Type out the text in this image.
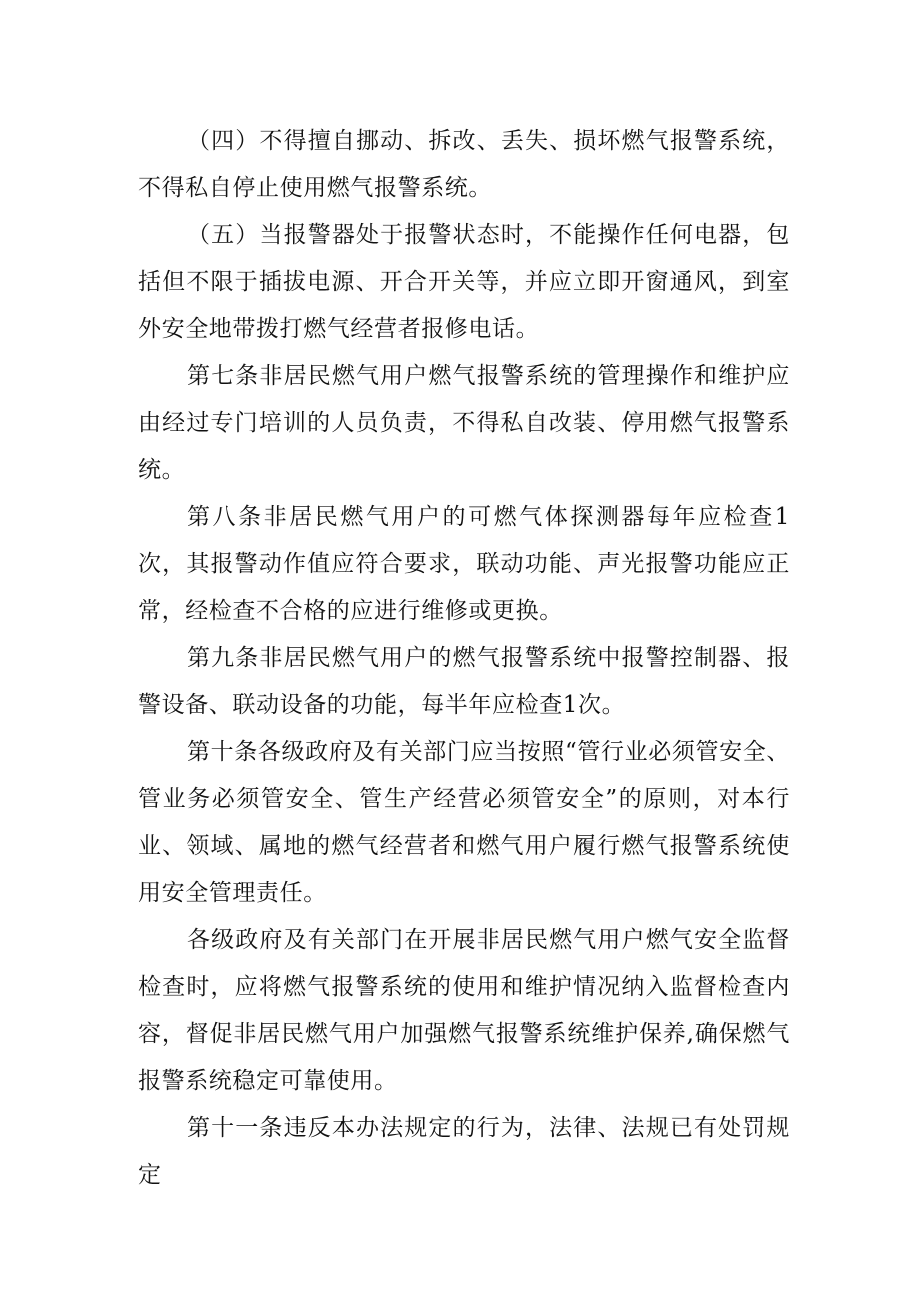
（四）不得擅自挪动、拆改、丢失、损坏燃气报警系统，不得私自停止使用燃气报警系统。

（五）当报警器处于报警状态时，不能操作任何电器，包括但不限于插拔电源、开合开关等，并应立即开窗通风，到室外安全地带拨打燃气经营者报修电话。

第七条非居民燃气用户燃气报警系统的管理操作和维护应由经过专门培训的人员负责，不得私自改装、停用燃气报警系统。

第八条非居民燃气用户的可燃气体探测器每年应检查1次，其报警动作值应符合要求，联动功能、声光报警功能应正常，经检查不合格的应进行维修或更换。

第九条非居民燃气用户的燃气报警系统中报警控制器、报警设备、联动设备的功能，每半年应检查1次。

第十条各级政府及有关部门应当按照“管行业必须管安全、管业务必须管安全、管生产经营必须管安全”的原则，对本行业、领域、属地的燃气经营者和燃气用户履行燃气报警系统使用安全管理责任。

各级政府及有关部门在开展非居民燃气用户燃气安全监督检查时，应将燃气报警系统的使用和维护情况纳入监督检查内容，督促非居民燃气用户加强燃气报警系统维护保养,确保燃气报警系统稳定可靠使用。

第十一条违反本办法规定的行为，法律、法规已有处罚规定
